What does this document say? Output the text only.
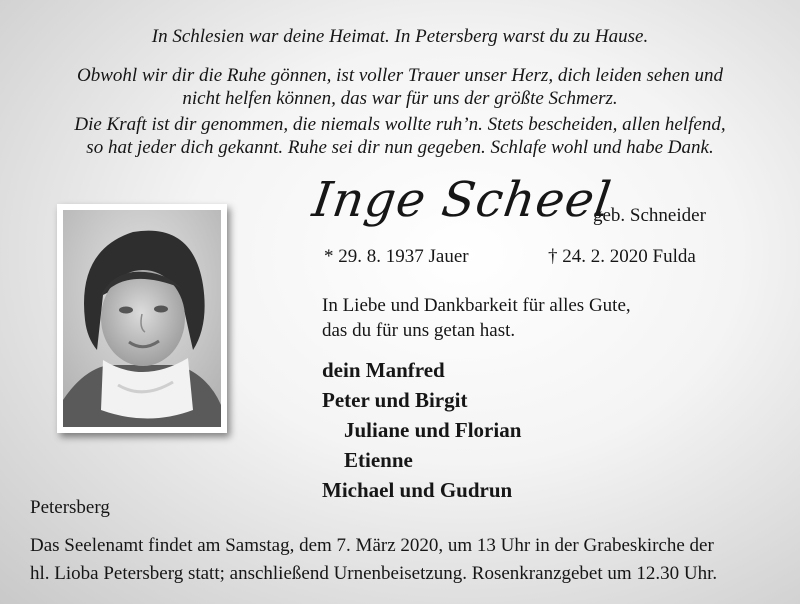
In Schlesien war deine Heimat. In Petersberg warst du zu Hause.

Obwohl wir dir die Ruhe gönnen, ist voller Trauer unser Herz, dich leiden sehen und

nicht helfen können, das war für uns der größte Schmerz.

Die Kraft ist dir genommen, die niemals wollte ruh’n. Stets bescheiden, allen helfend,

so hat jeder dich gekannt. Ruhe sei dir nun gegeben. Schlafe wohl und habe Dank.

Inge Scheel
geb. Schneider
* 29. 8. 1937 Jauer	† 24. 2. 2020 Fulda

In Liebe und Dankbarkeit für alles Gute,

das du für uns getan hast.

dein Manfred

Peter und Birgit

Juliane und Florian

Etienne

Michael und Gudrun

Petersberg

Das Seelenamt findet am Samstag, dem 7. März 2020, um 13 Uhr in der Grabeskirche der

hl. Lioba Petersberg statt; anschließend Urnenbeisetzung. Rosenkranzgebet um 12.30 Uhr.
